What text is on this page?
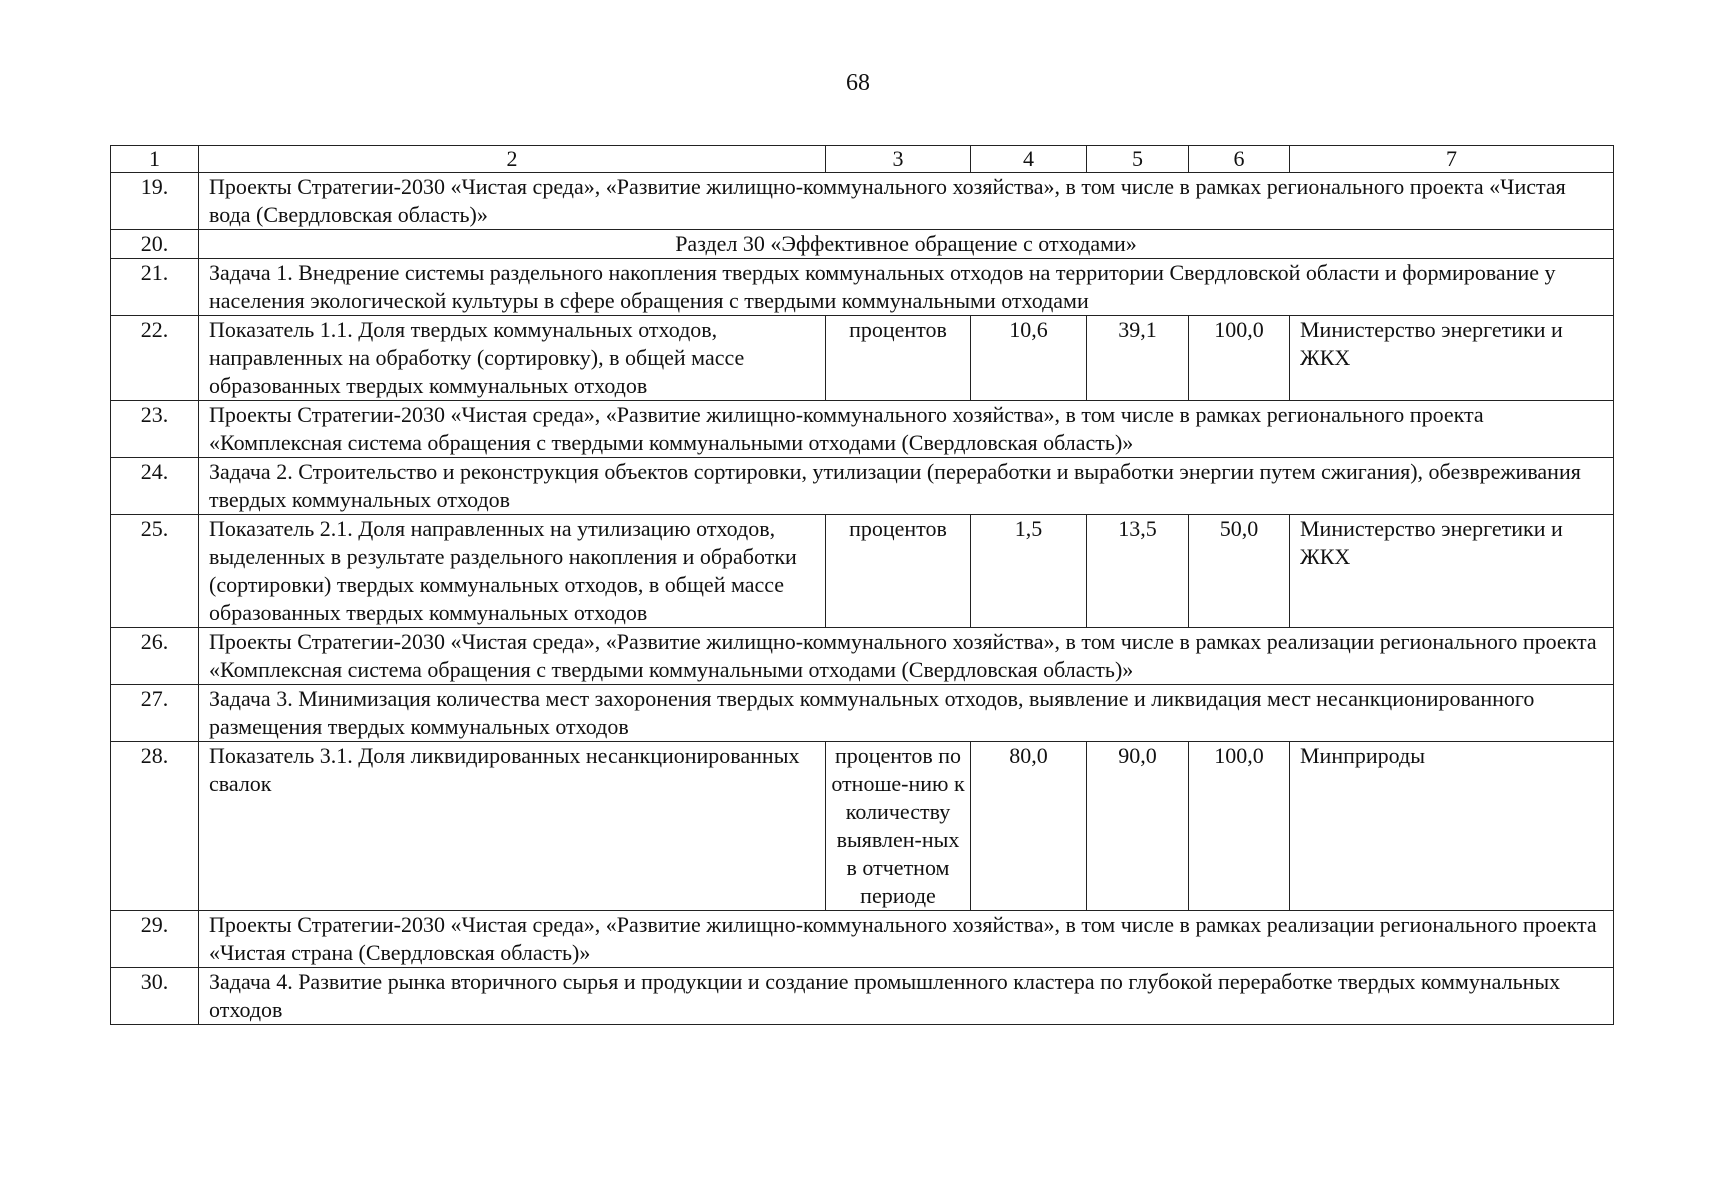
68
1	2	3	4	5	6	7
19.	Проекты Стратегии-2030 «Чистая среда», «Развитие жилищно-коммунального хозяйства», в том числе в рамках регионального проекта «Чистая вода (Свердловская область)»					
20.	Раздел 30 «Эффективное обращение с отходами»					
21.	Задача 1. Внедрение системы раздельного накопления твердых коммунальных отходов на территории Свердловской области и формирование у населения экологической культуры в сфере обращения с твердыми коммунальными отходами					
22.	Показатель 1.1. Доля твердых коммунальных отходов, направленных на обработку (сортировку), в общей массе образованных твердых коммунальных отходов	процентов	10,6	39,1	100,0	Министерство энергетики и ЖКХ
23.	Проекты Стратегии-2030 «Чистая среда», «Развитие жилищно-коммунального хозяйства», в том числе в рамках регионального проекта «Комплексная система обращения с твердыми коммунальными отходами (Свердловская область)»					
24.	Задача 2. Строительство и реконструкция объектов сортировки, утилизации (переработки и выработки энергии путем сжигания), обезвреживания твердых коммунальных отходов					
25.	Показатель 2.1. Доля направленных на утилизацию отходов, выделенных в результате раздельного накопления и обработки (сортировки) твердых коммунальных отходов, в общей массе образованных твердых коммунальных отходов	процентов	1,5	13,5	50,0	Министерство энергетики и ЖКХ
26.	Проекты Стратегии-2030 «Чистая среда», «Развитие жилищно-коммунального хозяйства», в том числе в рамках реализации регионального проекта «Комплексная система обращения с твердыми коммунальными отходами (Свердловская область)»					
27.	Задача 3. Минимизация количества мест захоронения твердых коммунальных отходов, выявление и ликвидация мест несанкционированного размещения твердых коммунальных отходов					
28.	Показатель 3.1. Доля ликвидированных несанкционированных свалок	процентов по отноше-нию к количеству выявлен-ных в отчетном периоде	80,0	90,0	100,0	Минприроды
29.	Проекты Стратегии-2030 «Чистая среда», «Развитие жилищно-коммунального хозяйства», в том числе в рамках реализации регионального проекта «Чистая страна (Свердловская область)»					
30.	Задача 4. Развитие рынка вторичного сырья и продукции и создание промышленного кластера по глубокой переработке твердых коммунальных отходов					
